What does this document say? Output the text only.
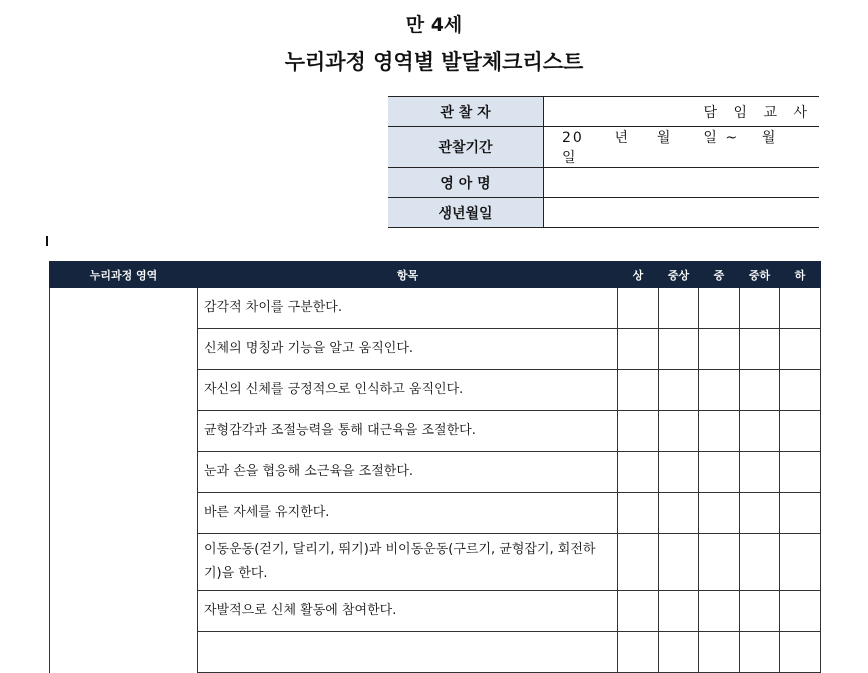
만 4세
누리과정 영역별 발달체크리스트
관 찰 자	담 임 교 사
관찰기간	20 년 월 일 ~ 월 일
영 아 명	
생년월일	
누리과정 영역	항목	상	중상	중	중하	하
	감각적 차이를 구분한다.					
	신체의 명칭과 기능을 알고 움직인다.					
	자신의 신체를 긍정적으로 인식하고 움직인다.					
	균형감각과 조절능력을 통해 대근육을 조절한다.					
	눈과 손을 협응해 소근육을 조절한다.					
	바른 자세를 유지한다.					
	이동운동(걷기, 달리기, 뛰기)과 비이동운동(구르기, 균형잡기, 회전하기)을 한다.					
	자발적으로 신체 활동에 참여한다.					
